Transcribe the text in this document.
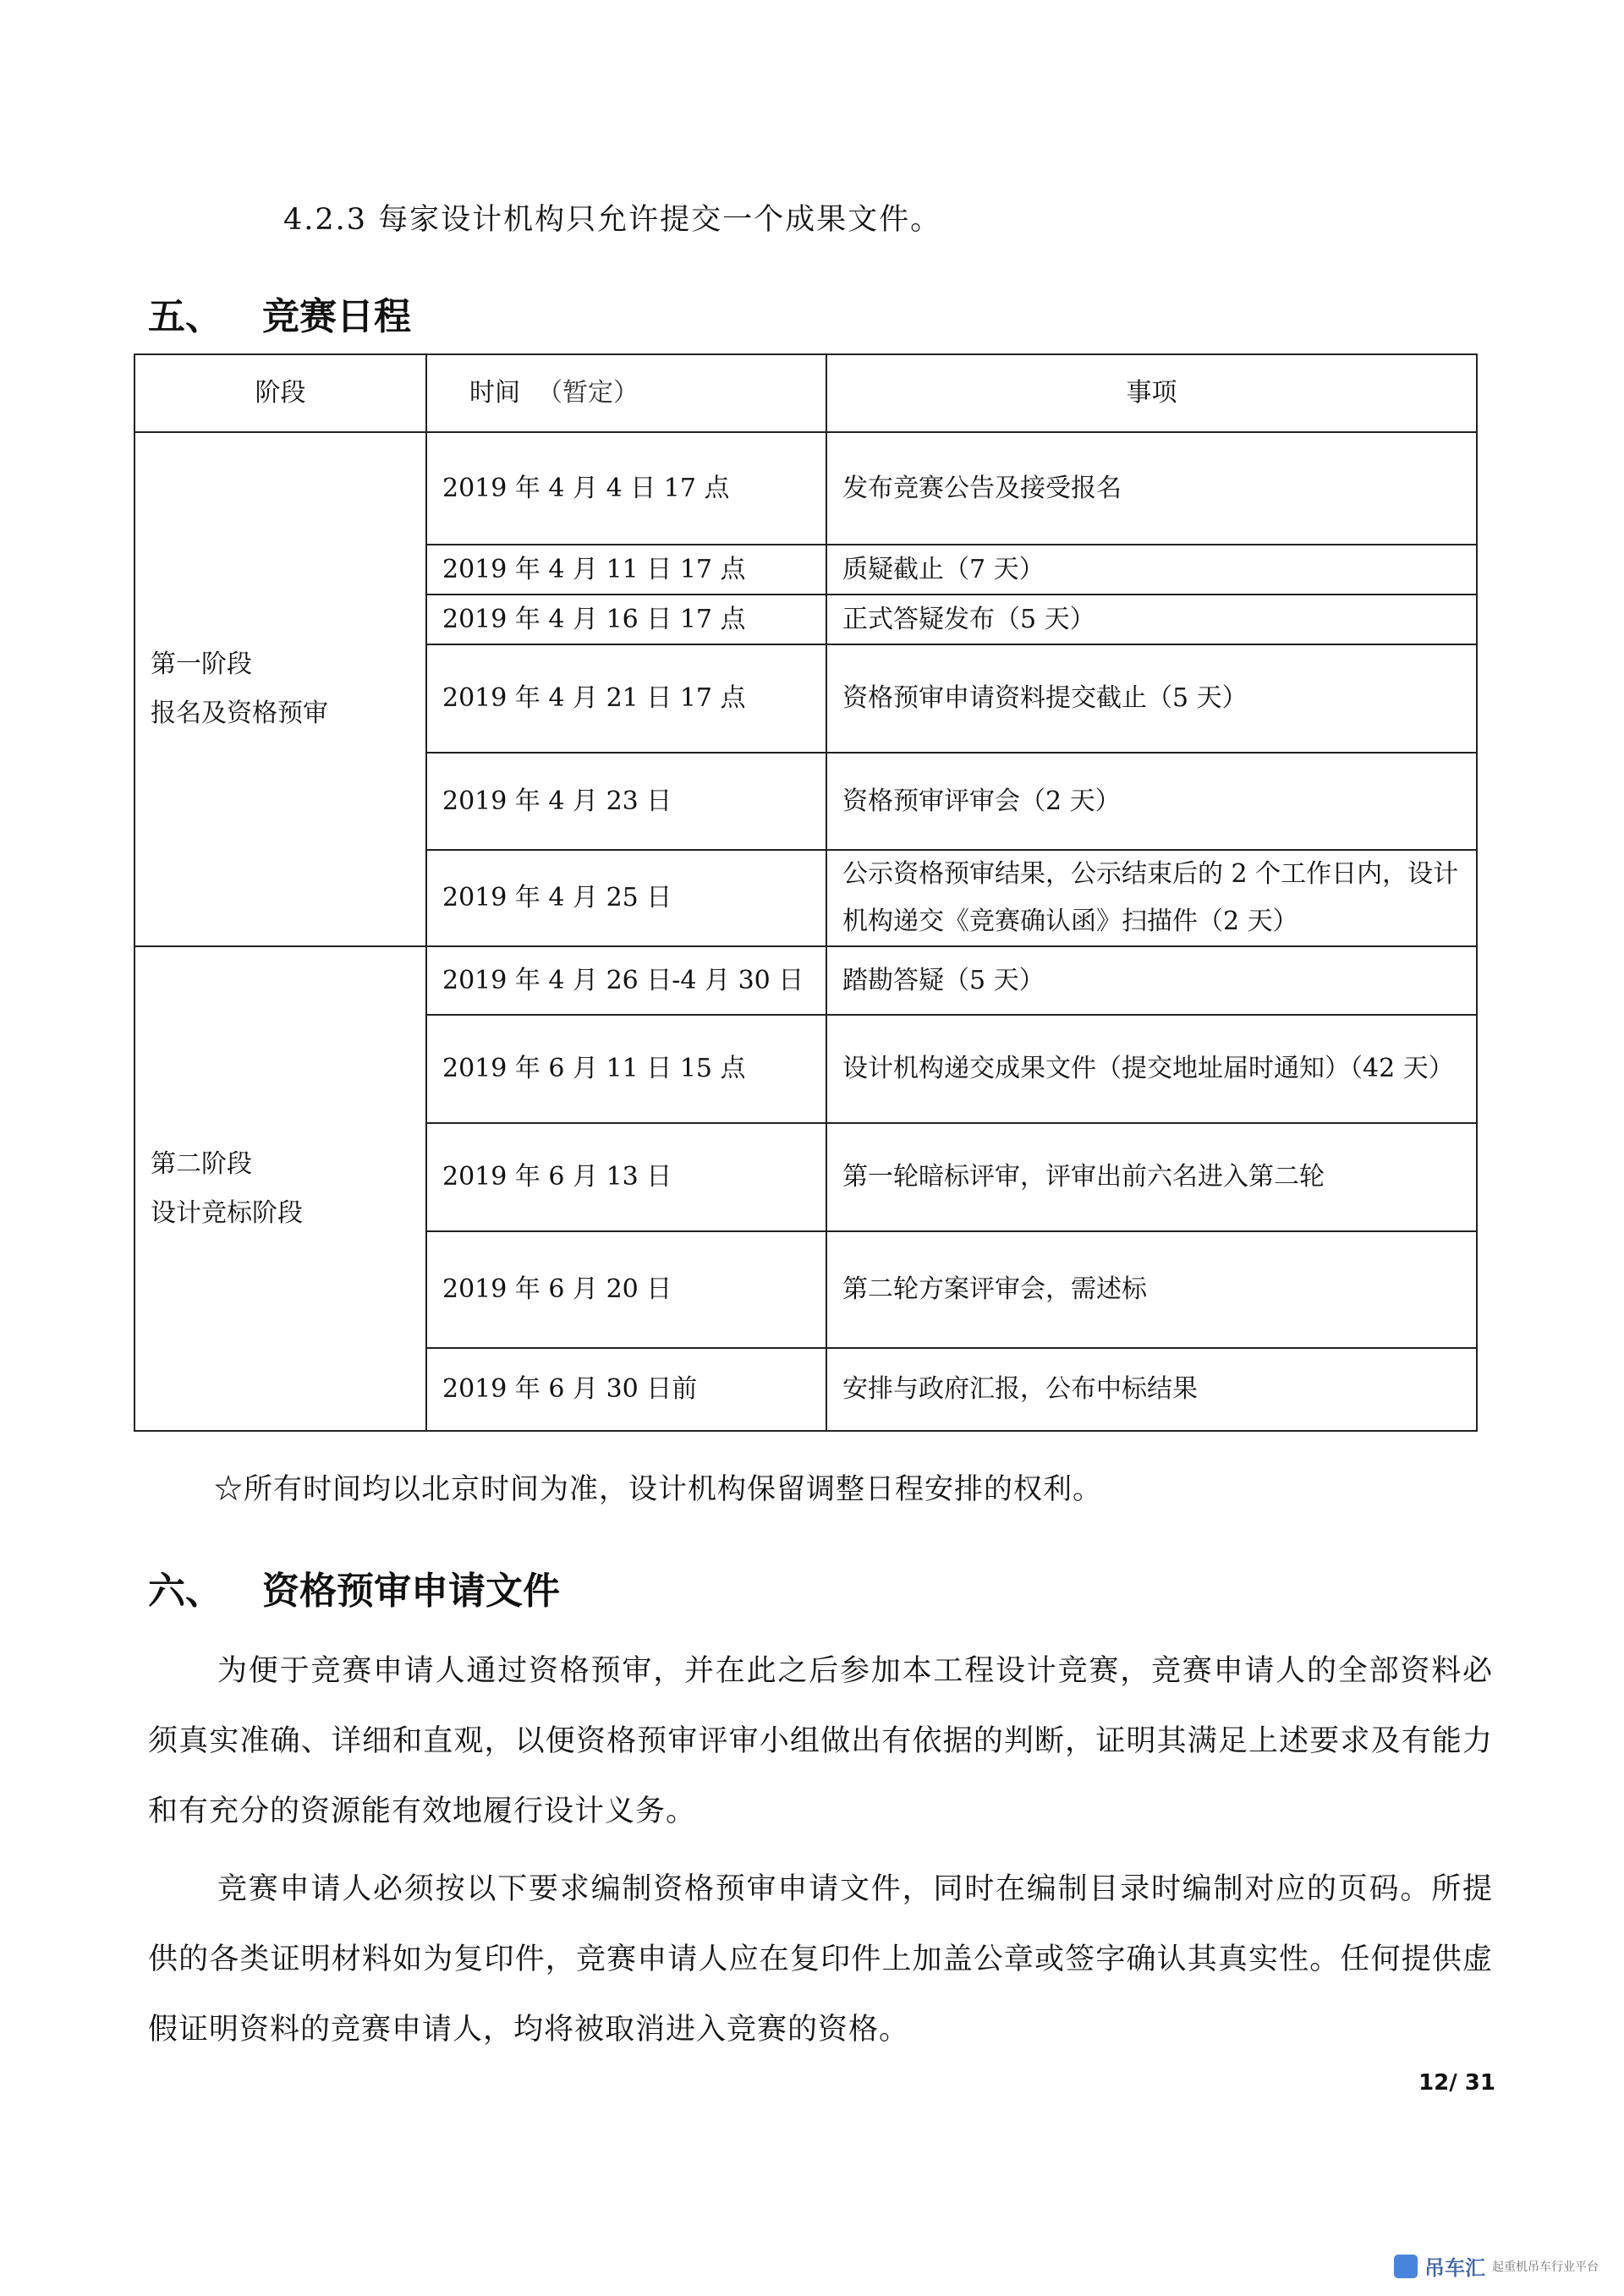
4.2.3 每家设计机构只允许提交一个成果文件。
五、 竞赛日程
阶段	时间 （暂定）	事项

第一阶段
报名及资格预审	2019 年 4 月 4 日 17 点	发布竞赛公告及接受报名
	2019 年 4 月 11 日 17 点	质疑截止（7 天）
	2019 年 4 月 16 日 17 点	正式答疑发布（5 天）
	2019 年 4 月 21 日 17 点	资格预审申请资料提交截止（5 天）
	2019 年 4 月 23 日	资格预审评审会（2 天）
	2019 年 4 月 25 日	公示资格预审结果，公示结束后的 2 个工作日内，设计机构递交《竞赛确认函》扫描件（2 天）

第二阶段
设计竞标阶段	2019 年 4 月 26 日-4 月 30 日	踏勘答疑（5 天）
	2019 年 6 月 11 日 15 点	设计机构递交成果文件（提交地址届时通知）（42 天）
	2019 年 6 月 13 日	第一轮暗标评审，评审出前六名进入第二轮
	2019 年 6 月 20 日	第二轮方案评审会，需述标
	2019 年 6 月 30 日前	安排与政府汇报，公布中标结果
☆所有时间均以北京时间为准，设计机构保留调整日程安排的权利。
六、 资格预审申请文件
为便于竞赛申请人通过资格预审，并在此之后参加本工程设计竞赛，竞赛申请人的全部资料必须真实准确、详细和直观，以便资格预审评审小组做出有依据的判断，证明其满足上述要求及有能力和有充分的资源能有效地履行设计义务。
竞赛申请人必须按以下要求编制资格预审申请文件，同时在编制目录时编制对应的页码。所提供的各类证明材料如为复印件，竞赛申请人应在复印件上加盖公章或签字确认其真实性。任何提供虚假证明资料的竞赛申请人，均将被取消进入竞赛的资格。
12/ 31
吊车汇 起重机吊车行业平台
